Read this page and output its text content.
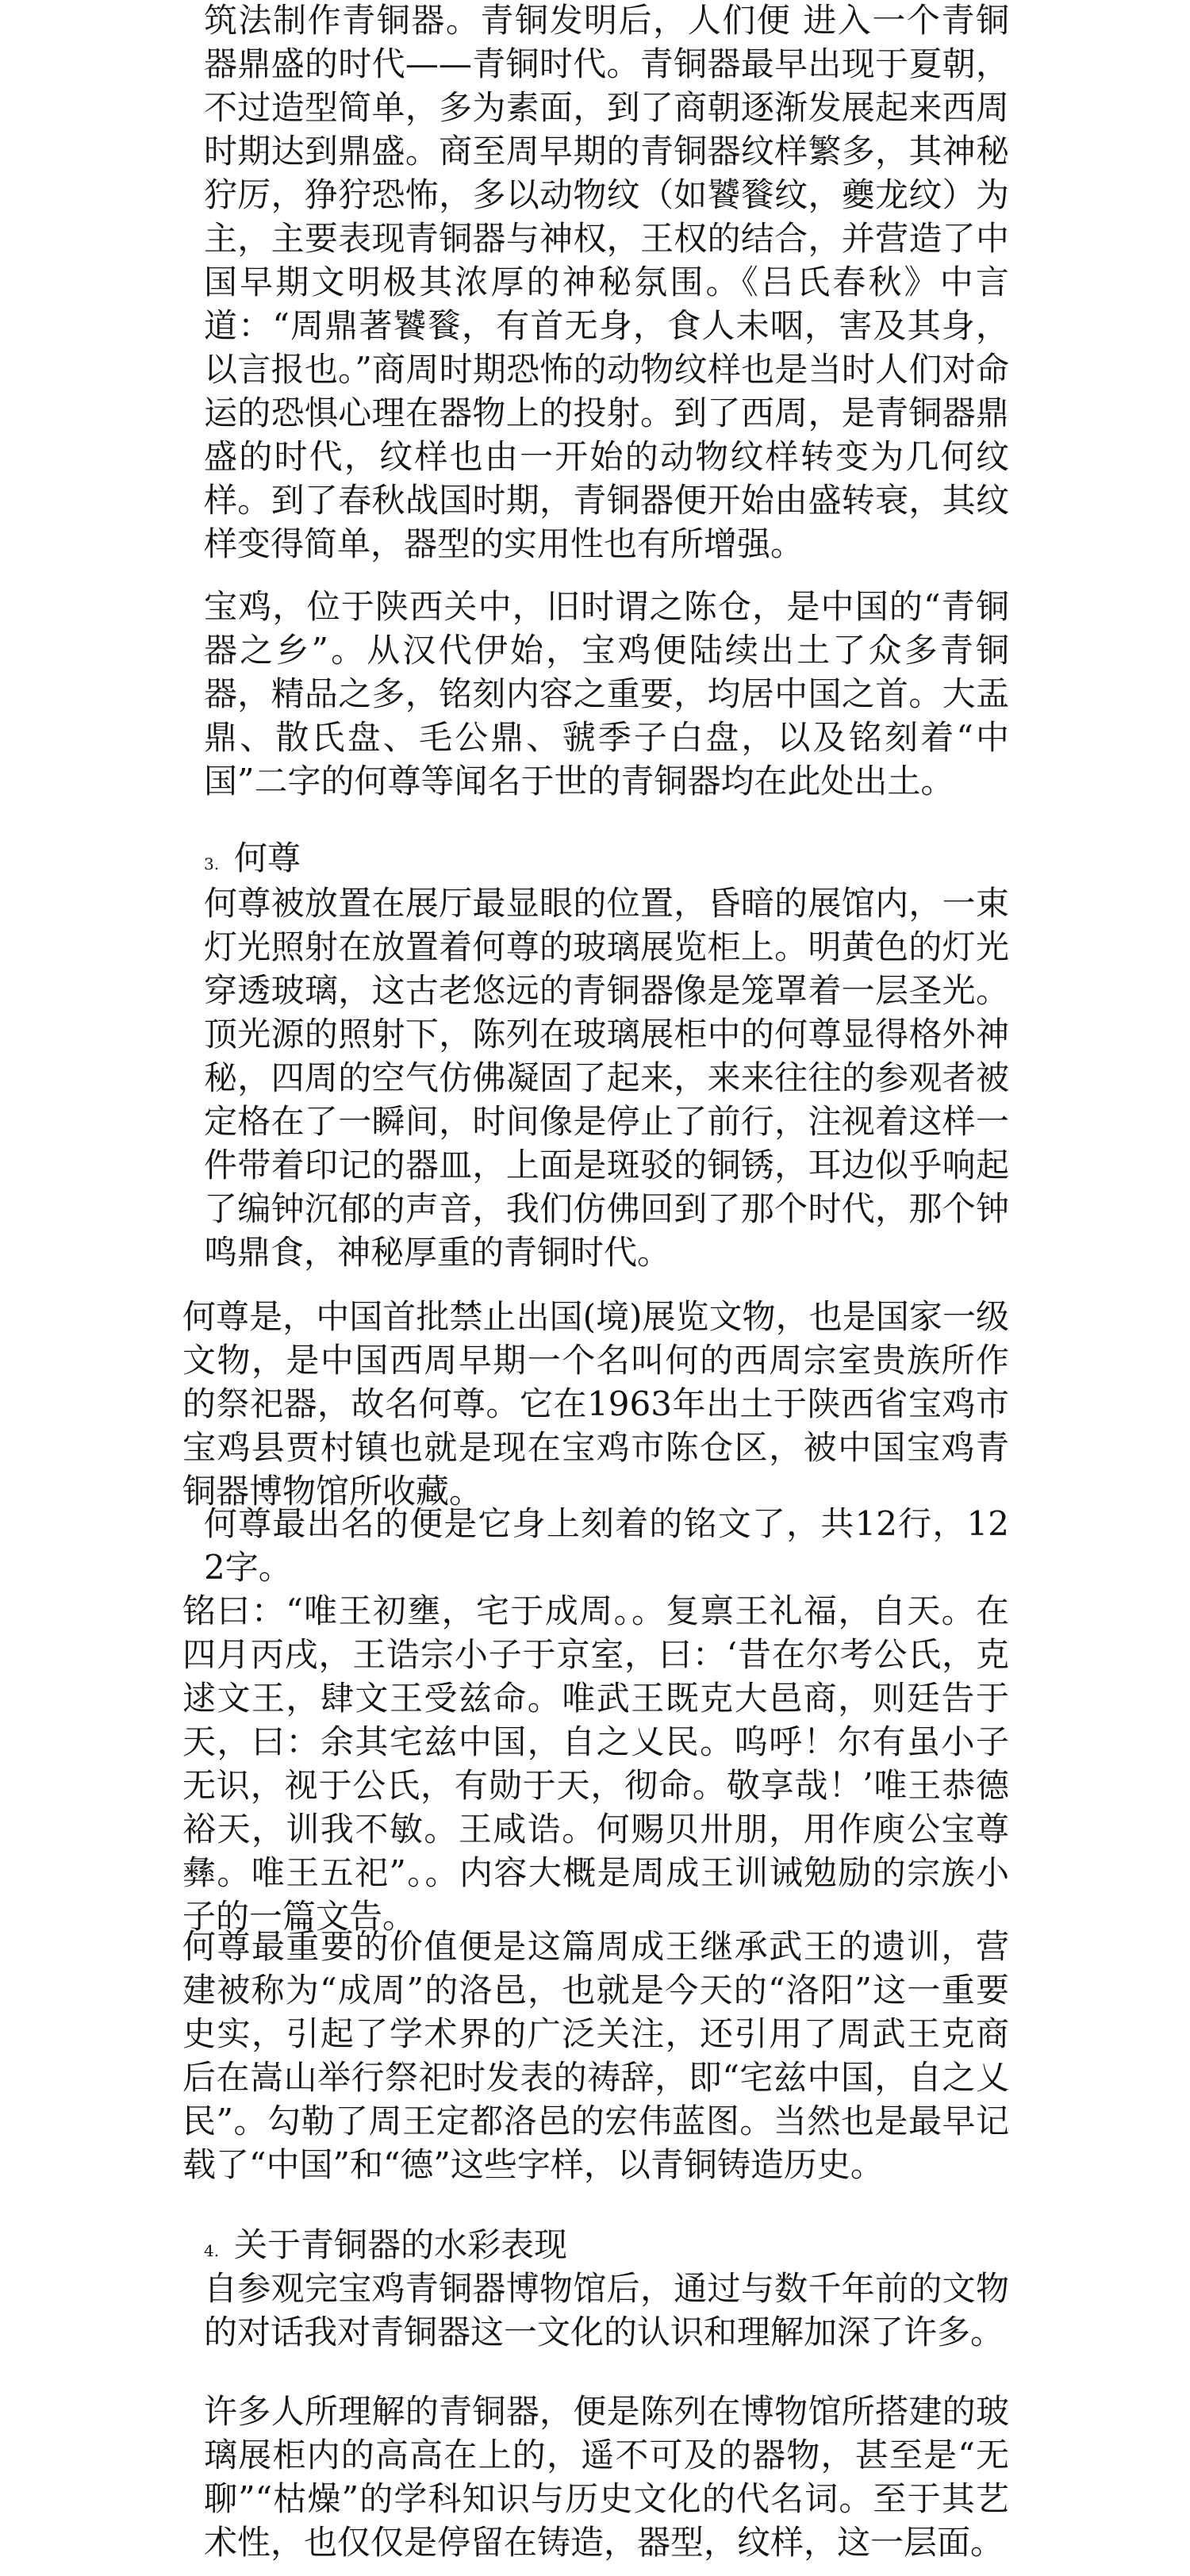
筑法制作青铜器。青铜发明后，人们便 进入一个青铜器鼎盛的时代——青铜时代。青铜器最早出现于夏朝，不过造型简单，多为素面，到了商朝逐渐发展起来西周时期达到鼎盛。商至周早期的青铜器纹样繁多，其神秘狞厉，狰狞恐怖，多以动物纹（如饕餮纹，夔龙纹）为主，主要表现青铜器与神权，王权的结合，并营造了中国早期文明极其浓厚的神秘氛围。《吕氏春秋》中言道：“周鼎著饕餮，有首无身，食人未咽，害及其身，以言报也。”商周时期恐怖的动物纹样也是当时人们对命运的恐惧心理在器物上的投射。到了西周，是青铜器鼎盛的时代，纹样也由一开始的动物纹样转变为几何纹样。到了春秋战国时期，青铜器便开始由盛转衰，其纹样变得简单，器型的实用性也有所增强。

宝鸡，位于陕西关中，旧时谓之陈仓，是中国的“青铜器之乡”。从汉代伊始，宝鸡便陆续出土了众多青铜器，精品之多，铭刻内容之重要，均居中国之首。大盂鼎、散氏盘、毛公鼎、虢季子白盘，以及铭刻着“中国”二字的何尊等闻名于世的青铜器均在此处出土。

3. 何尊

何尊被放置在展厅最显眼的位置，昏暗的展馆内，一束灯光照射在放置着何尊的玻璃展览柜上。明黄色的灯光穿透玻璃，这古老悠远的青铜器像是笼罩着一层圣光。顶光源的照射下，陈列在玻璃展柜中的何尊显得格外神秘，四周的空气仿佛凝固了起来，来来往往的参观者被定格在了一瞬间，时间像是停止了前行，注视着这样一件带着印记的器皿，上面是斑驳的铜锈，耳边似乎响起了编钟沉郁的声音，我们仿佛回到了那个时代，那个钟鸣鼎食，神秘厚重的青铜时代。

何尊是，中国首批禁止出国(境)展览文物，也是国家一级文物，是中国西周早期一个名叫何的西周宗室贵族所作的祭祀器，故名何尊。它在1963年出土于陕西省宝鸡市宝鸡县贾村镇也就是现在宝鸡市陈仓区，被中国宝鸡青铜器博物馆所收藏。

何尊最出名的便是它身上刻着的铭文了，共12行，122字。

铭曰：“唯王初壅，宅于成周。。复禀王礼福，自天。在四月丙戌，王诰宗小子于京室，曰：‘昔在尔考公氏，克逑文王，肆文王受兹命。唯武王既克大邑商，则廷告于天，曰：余其宅兹中国，自之乂民。呜呼！尔有虽小子无识，视于公氏，有勋于天，彻命。敬享哉！’唯王恭德裕天，训我不敏。王咸诰。何赐贝卅朋，用作庾公宝尊彝。唯王五祀”。。内容大概是周成王训诫勉励的宗族小子的一篇文告。

何尊最重要的价值便是这篇周成王继承武王的遗训，营建被称为“成周”的洛邑，也就是今天的“洛阳”这一重要史实，引起了学术界的广泛关注，还引用了周武王克商后在嵩山举行祭祀时发表的祷辞，即“宅兹中国，自之乂民”。勾勒了周王定都洛邑的宏伟蓝图。当然也是最早记载了“中国”和“德”这些字样，以青铜铸造历史。

4. 关于青铜器的水彩表现

自参观完宝鸡青铜器博物馆后，通过与数千年前的文物的对话我对青铜器这一文化的认识和理解加深了许多。

许多人所理解的青铜器，便是陈列在博物馆所搭建的玻璃展柜内的高高在上的，遥不可及的器物，甚至是“无聊”“枯燥”的学科知识与历史文化的代名词。至于其艺术性，也仅仅是停留在铸造，器型，纹样，这一层面。
